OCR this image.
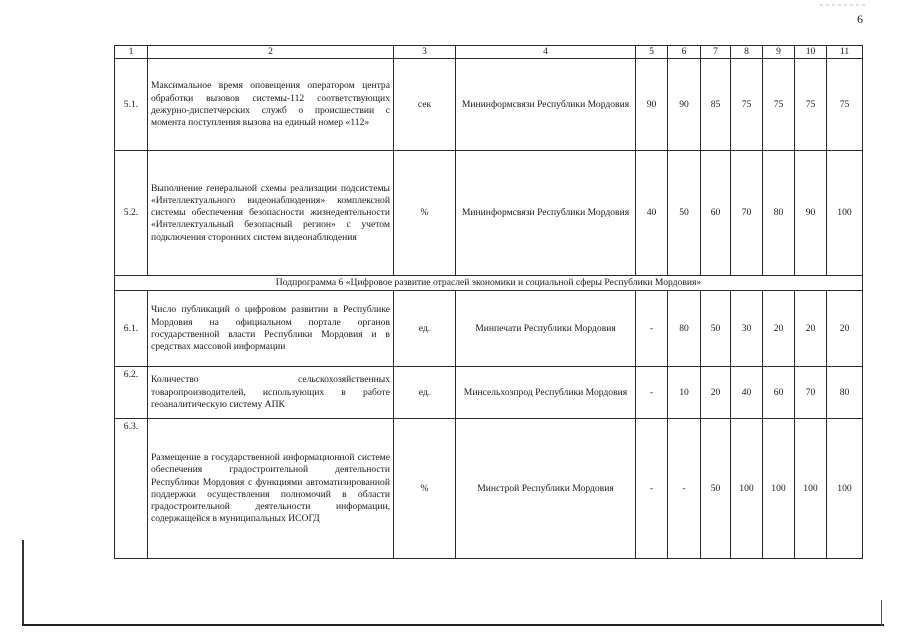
6
1	2	3	4	5	6	7	8	9	10	11
5.1.	Максимальное время оповещения оператором центра обработки вызовов системы-112 соответствующих дежурно-диспетчерских служб о происшествии с момента поступления вызова на единый номер «112»	сек	Мининформсвязи Республики Мордовия	90	90	85	75	75	75	75
5.2.	Выполнение генеральной схемы реализации подсистемы «Интеллектуального видеонаблюдения» комплексной системы обеспечения безопасности жизнедеятельности «Интеллектуальный безопасный регион» с учетом подключения сторонних систем видеонаблюдения	%	Мининформсвязи Республики Мордовия	40	50	60	70	80	90	100
Подпрограмма 6 «Цифровое развитие отраслей экономики и социальной сферы Республики Мордовия»										
6.1.	Число публикаций о цифровом развитии в Республике Мордовия на официальном портале органов государственной власти Республики Мордовия и в средствах массовой информации	ед.	Минпечати Республики Мордовия	-	80	50	30	20	20	20
6.2.	Количество сельскохозяйственных товаропроизводителей, использующих в работе геоаналитическую систему АПК	ед.	Минсельхозпрод Республики Мордовия	-	10	20	40	60	70	80
6.3.	Размещение в государственной информационной системе обеспечения градостроительной деятельности Республики Мордовия с функциями автоматизированной поддержки осуществления полномочий в области градостроительной деятельности информации, содержащейся в муниципальных ИСОГД	%	Минстрой Республики Мордовия	-	-	50	100	100	100	100
